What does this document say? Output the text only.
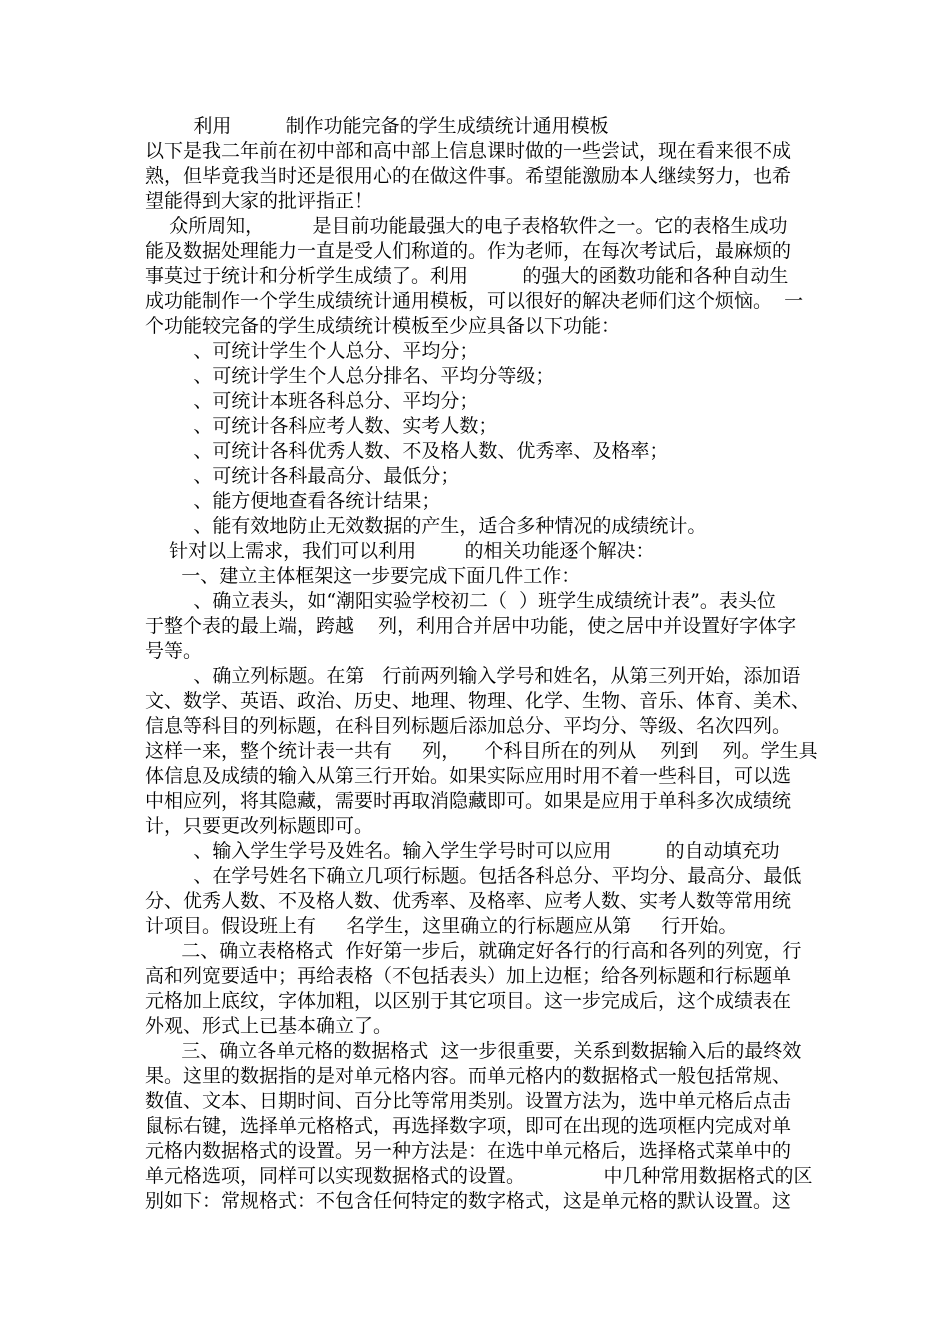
利用         制作功能完备的学生成绩统计通用模板
以下是我二年前在初中部和高中部上信息课时做的一些尝试，现在看来很不成
熟，但毕竟我当时还是很用心的在做这件事。希望能激励本人继续努力，也希
望能得到大家的批评指正！
众所周知，        是目前功能最强大的电子表格软件之一。它的表格生成功
能及数据处理能力一直是受人们称道的。作为老师，在每次考试后，最麻烦的
事莫过于统计和分析学生成绩了。利用         的强大的函数功能和各种自动生
成功能制作一个学生成绩统计通用模板，可以很好的解决老师们这个烦恼。  一
个功能较完备的学生成绩统计模板至少应具备以下功能：
、可统计学生个人总分、平均分；
、可统计学生个人总分排名、平均分等级；
、可统计本班各科总分、平均分；
、可统计各科应考人数、实考人数；
、可统计各科优秀人数、不及格人数、优秀率、及格率；
、可统计各科最高分、最低分；
、能方便地查看各统计结果；
、能有效地防止无效数据的产生，适合多种情况的成绩统计。
针对以上需求，我们可以利用        的相关功能逐个解决：
一、建立主体框架这一步要完成下面几件工作：
、确立表头，如“潮阳实验学校初二（  ）班学生成绩统计表”。表头位
于整个表的最上端，跨越    列，利用合并居中功能，使之居中并设置好字体字
号等。
、确立列标题。在第   行前两列输入学号和姓名，从第三列开始，添加语
文、数学、英语、政治、历史、地理、物理、化学、生物、音乐、体育、美术、
信息等科目的列标题，在科目列标题后添加总分、平均分、等级、名次四列。
这样一来，整个统计表一共有     列，    个科目所在的列从    列到    列。学生具
体信息及成绩的输入从第三行开始。如果实际应用时用不着一些科目，可以选
中相应列，将其隐藏，需要时再取消隐藏即可。如果是应用于单科多次成绩统
计，只要更改列标题即可。
、输入学生学号及姓名。输入学生学号时可以应用         的自动填充功
、在学号姓名下确立几项行标题。包括各科总分、平均分、最高分、最低
分、优秀人数、不及格人数、优秀率、及格率、应考人数、实考人数等常用统
计项目。假设班上有     名学生，这里确立的行标题应从第     行开始。
二、确立表格格式  作好第一步后，就确定好各行的行高和各列的列宽，行
高和列宽要适中；再给表格（不包括表头）加上边框；给各列标题和行标题单
元格加上底纹，字体加粗，以区别于其它项目。这一步完成后，这个成绩表在
外观、形式上已基本确立了。
三、确立各单元格的数据格式  这一步很重要，关系到数据输入后的最终效
果。这里的数据指的是对单元格内容。而单元格内的数据格式一般包括常规、
数值、文本、日期时间、百分比等常用类别。设置方法为，选中单元格后点击
鼠标右键，选择单元格格式，再选择数字项，即可在出现的选项框内完成对单
元格内数据格式的设置。另一种方法是：在选中单元格后，选择格式菜单中的
单元格选项，同样可以实现数据格式的设置。             中几种常用数据格式的区
别如下：常规格式：不包含任何特定的数字格式，这是单元格的默认设置。这
